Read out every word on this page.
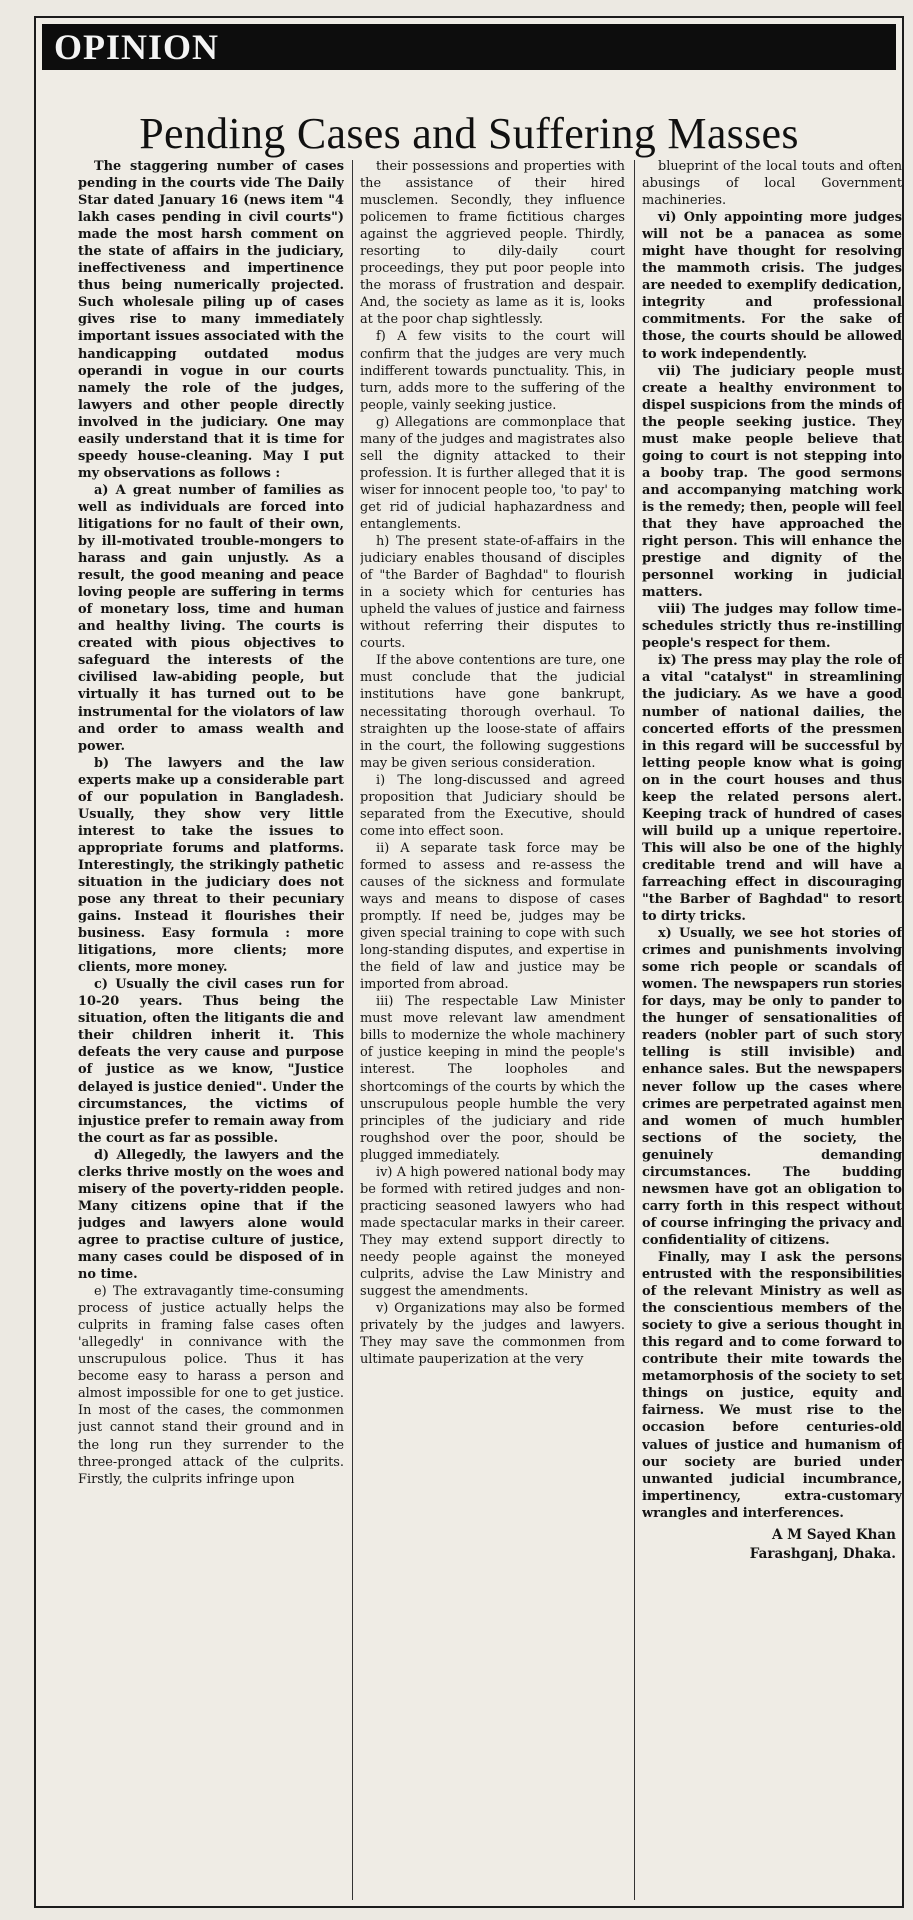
OPINION
Pending Cases and Suffering Masses

The staggering number of cases pending in the courts vide The Daily Star dated January 16 (news item "4 lakh cases pending in civil courts") made the most harsh comment on the state of affairs in the judiciary, ineffectiveness and impertinence thus being numerically projected. Such wholesale piling up of cases gives rise to many immediately important issues associated with the handicapping outdated modus operandi in vogue in our courts namely the role of the judges, lawyers and other people directly involved in the judiciary. One may easily understand that it is time for speedy house-cleaning. May I put my observations as follows :

a) A great number of families as well as individuals are forced into litigations for no fault of their own, by ill-motivated trouble-mongers to harass and gain unjustly. As a result, the good meaning and peace loving people are suffering in terms of monetary loss, time and human and healthy living. The courts is created with pious objectives to safeguard the interests of the civilised law-abiding people, but virtually it has turned out to be instrumental for the violators of law and order to amass wealth and power.

b) The lawyers and the law experts make up a considerable part of our population in Bangladesh. Usually, they show very little interest to take the issues to appropriate forums and platforms. Interestingly, the strikingly pathetic situation in the judiciary does not pose any threat to their pecuniary gains. Instead it flourishes their business. Easy formula : more litigations, more clients; more clients, more money.

c) Usually the civil cases run for 10-20 years. Thus being the situation, often the litigants die and their children inherit it. This defeats the very cause and purpose of justice as we know, "Justice delayed is justice denied". Under the circumstances, the victims of injustice prefer to remain away from the court as far as possible.

d) Allegedly, the lawyers and the clerks thrive mostly on the woes and misery of the poverty-ridden people. Many citizens opine that if the judges and lawyers alone would agree to practise culture of justice, many cases could be disposed of in no time.

e) The extravagantly time-consuming process of justice actually helps the culprits in framing false cases often 'allegedly' in connivance with the unscrupulous police. Thus it has become easy to harass a person and almost impossible for one to get justice. In most of the cases, the commonmen just cannot stand their ground and in the long run they surrender to the three-pronged attack of the culprits. Firstly, the culprits infringe upon

their possessions and properties with the assistance of their hired musclemen. Secondly, they influence policemen to frame fictitious charges against the aggrieved people. Thirdly, resorting to dily-daily court proceedings, they put poor people into the morass of frustration and despair. And, the society as lame as it is, looks at the poor chap sightlessly.

f) A few visits to the court will confirm that the judges are very much indifferent towards punctuality. This, in turn, adds more to the suffering of the people, vainly seeking justice.

g) Allegations are commonplace that many of the judges and magistrates also sell the dignity attacked to their profession. It is further alleged that it is wiser for innocent people too, 'to pay' to get rid of judicial haphazardness and entanglements.

h) The present state-of-affairs in the judiciary enables thousand of disciples of "the Barder of Baghdad" to flourish in a society which for centuries has upheld the values of justice and fairness without referring their disputes to courts.

If the above contentions are ture, one must conclude that the judicial institutions have gone bankrupt, necessitating thorough overhaul. To straighten up the loose-state of affairs in the court, the following suggestions may be given serious consideration.

i) The long-discussed and agreed proposition that Judiciary should be separated from the Executive, should come into effect soon.

ii) A separate task force may be formed to assess and re-assess the causes of the sickness and formulate ways and means to dispose of cases promptly. If need be, judges may be given special training to cope with such long-standing disputes, and expertise in the field of law and justice may be imported from abroad.

iii) The respectable Law Minister must move relevant law amendment bills to modernize the whole machinery of justice keeping in mind the people's interest. The loopholes and shortcomings of the courts by which the unscrupulous people humble the very principles of the judiciary and ride roughshod over the poor, should be plugged immediately.

iv) A high powered national body may be formed with retired judges and non-practicing seasoned lawyers who had made spectacular marks in their career. They may extend support directly to needy people against the moneyed culprits, advise the Law Ministry and suggest the amendments.

v) Organizations may also be formed privately by the judges and lawyers. They may save the commonmen from ultimate pauperization at the very

blueprint of the local touts and often abusings of local Government machineries.

vi) Only appointing more judges will not be a panacea as some might have thought for resolving the mammoth crisis. The judges are needed to exemplify dedication, integrity and professional commitments. For the sake of those, the courts should be allowed to work independently.

vii) The judiciary people must create a healthy environment to dispel suspicions from the minds of the people seeking justice. They must make people believe that going to court is not stepping into a booby trap. The good sermons and accompanying matching work is the remedy; then, people will feel that they have approached the right person. This will enhance the prestige and dignity of the personnel working in judicial matters.

viii) The judges may follow time-schedules strictly thus re-instilling people's respect for them.

ix) The press may play the role of a vital "catalyst" in streamlining the judiciary. As we have a good number of national dailies, the concerted efforts of the pressmen in this regard will be successful by letting people know what is going on in the court houses and thus keep the related persons alert. Keeping track of hundred of cases will build up a unique repertoire. This will also be one of the highly creditable trend and will have a farreaching effect in discouraging "the Barber of Baghdad" to resort to dirty tricks.

x) Usually, we see hot stories of crimes and punishments involving some rich people or scandals of women. The newspapers run stories for days, may be only to pander to the hunger of sensationalities of readers (nobler part of such story telling is still invisible) and enhance sales. But the newspapers never follow up the cases where crimes are perpetrated against men and women of much humbler sections of the society, the genuinely demanding circumstances. The budding newsmen have got an obligation to carry forth in this respect without of course infringing the privacy and confidentiality of citizens.

Finally, may I ask the persons entrusted with the responsibilities of the relevant Ministry as well as the conscientious members of the society to give a serious thought in this regard and to come forward to contribute their mite towards the metamorphosis of the society to set things on justice, equity and fairness. We must rise to the occasion before centuries-old values of justice and humanism of our society are buried under unwanted judicial incumbrance, impertinency, extra-customary wrangles and interferences.

A M Sayed Khan
Farashganj, Dhaka.
